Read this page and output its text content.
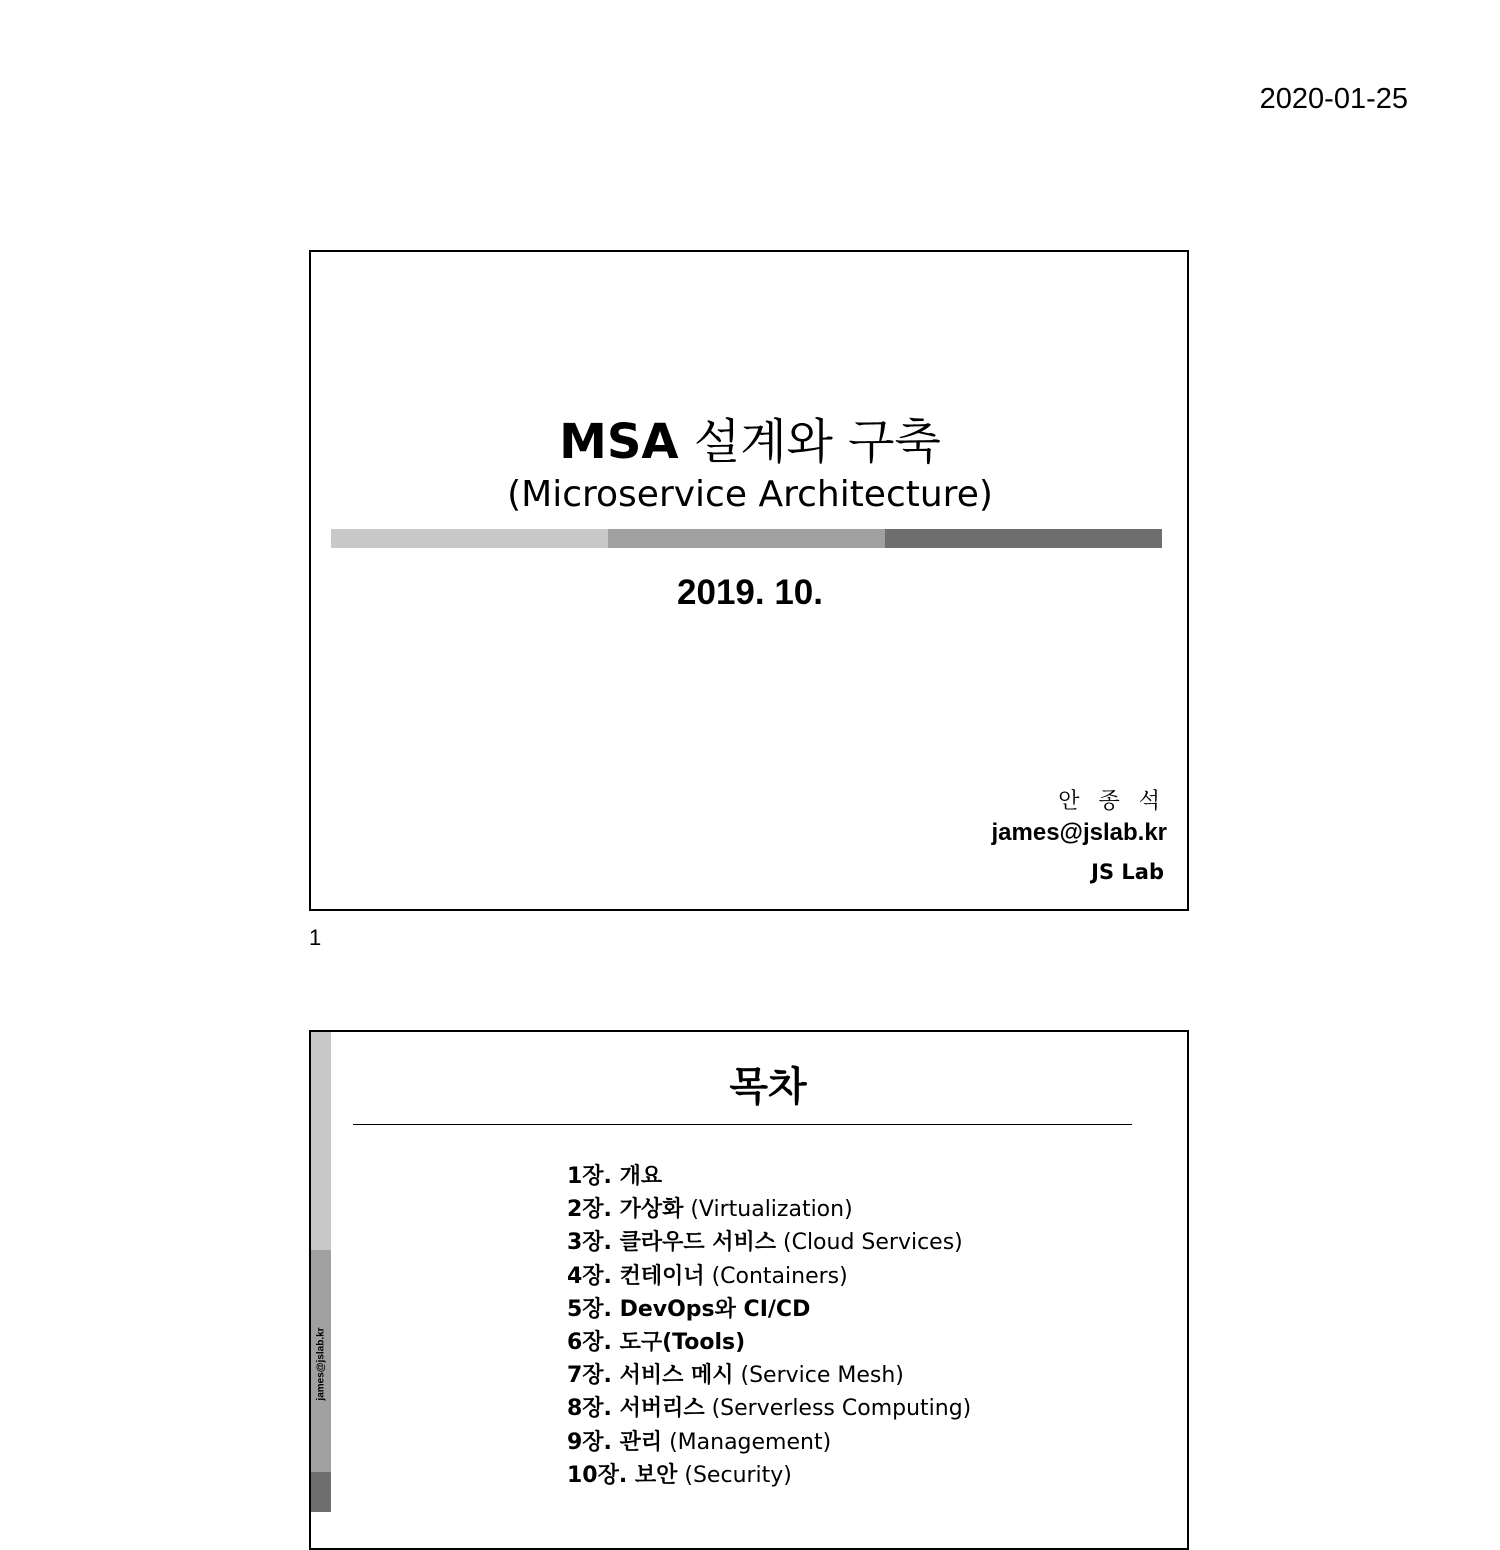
2020-01-25
MSA 설계와 구축
(Microservice Architecture)
2019. 10.
안 종 석
james@jslab.kr
JS Lab
1
james@jslab.kr
목차
1장. 개요
2장. 가상화 (Virtualization)
3장. 클라우드 서비스 (Cloud Services)
4장. 컨테이너 (Containers)
5장. DevOps와 CI/CD
6장. 도구(Tools)
7장. 서비스 메시 (Service Mesh)
8장. 서버리스 (Serverless Computing)
9장. 관리 (Management)
10장. 보안 (Security)
